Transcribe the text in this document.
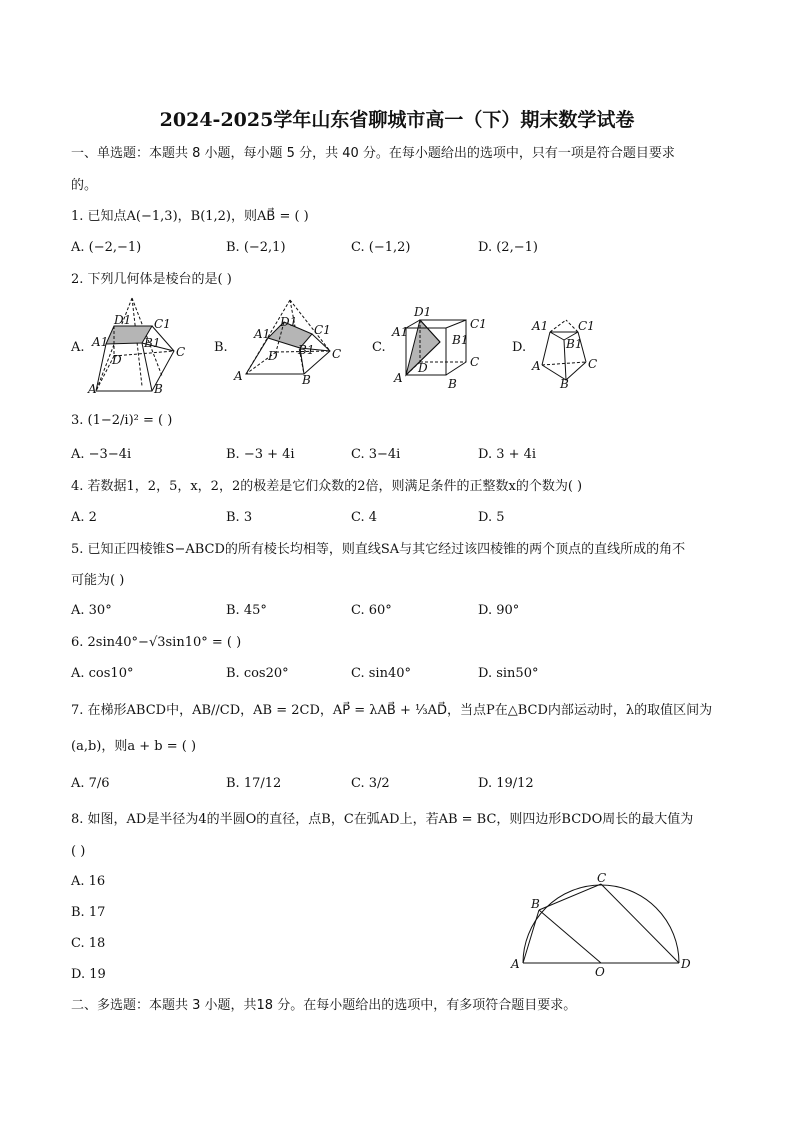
2024-2025学年山东省聊城市高一（下）期末数学试卷
一、单选题：本题共 8 小题，每小题 5 分，共 40 分。在每小题给出的选项中，只有一项是符合题目要求
的。
1. 已知点A(−1,3)，B(1,2)，则AB⃗ = ( )
A. (−2,−1)	B. (−2,1)	C. (−1,2)	D. (2,−1)
2. 下列几何体是棱台的是( )
A.	B.	C.	D.
D1 C1
A1	B1
C
D
A	B
D1
C1
A1
B1 C
D
A	B
D1
C1
A1
B1
C
D
A	B
A1 C1
B1
A	C
B
3. (1−2/i)² = ( )
A. −3−4i	B. −3 + 4i	C. 3−4i	D. 3 + 4i
4. 若数据1，2，5，x，2，2的极差是它们众数的2倍，则满足条件的正整数x的个数为( )
A. 2	B. 3	C. 4	D. 5
5. 已知正四棱锥S−ABCD的所有棱长均相等，则直线SA与其它经过该四棱锥的两个顶点的直线所成的角不
可能为( )
A. 30°	B. 45°	C. 60°	D. 90°
6. 2sin40°−√3sin10° = ( )
A. cos10°	B. cos20°	C. sin40°	D. sin50°
7. 在梯形ABCD中，AB//CD，AB = 2CD，AP⃗ = λAB⃗ + ⅓AD⃗，当点P在△BCD内部运动时，λ的取值区间为
(a,b)，则a + b = ( )
A. 7/6	B. 17/12	C. 3/2	D. 19/12
8. 如图，AD是半径为4的半圆O的直径，点B，C在弧AD上，若AB = BC，则四边形BCDO周长的最大值为
( )
A. 16
B. 17
C. 18
D. 19
C
B
A
O
D
二、多选题：本题共 3 小题，共18 分。在每小题给出的选项中，有多项符合题目要求。
